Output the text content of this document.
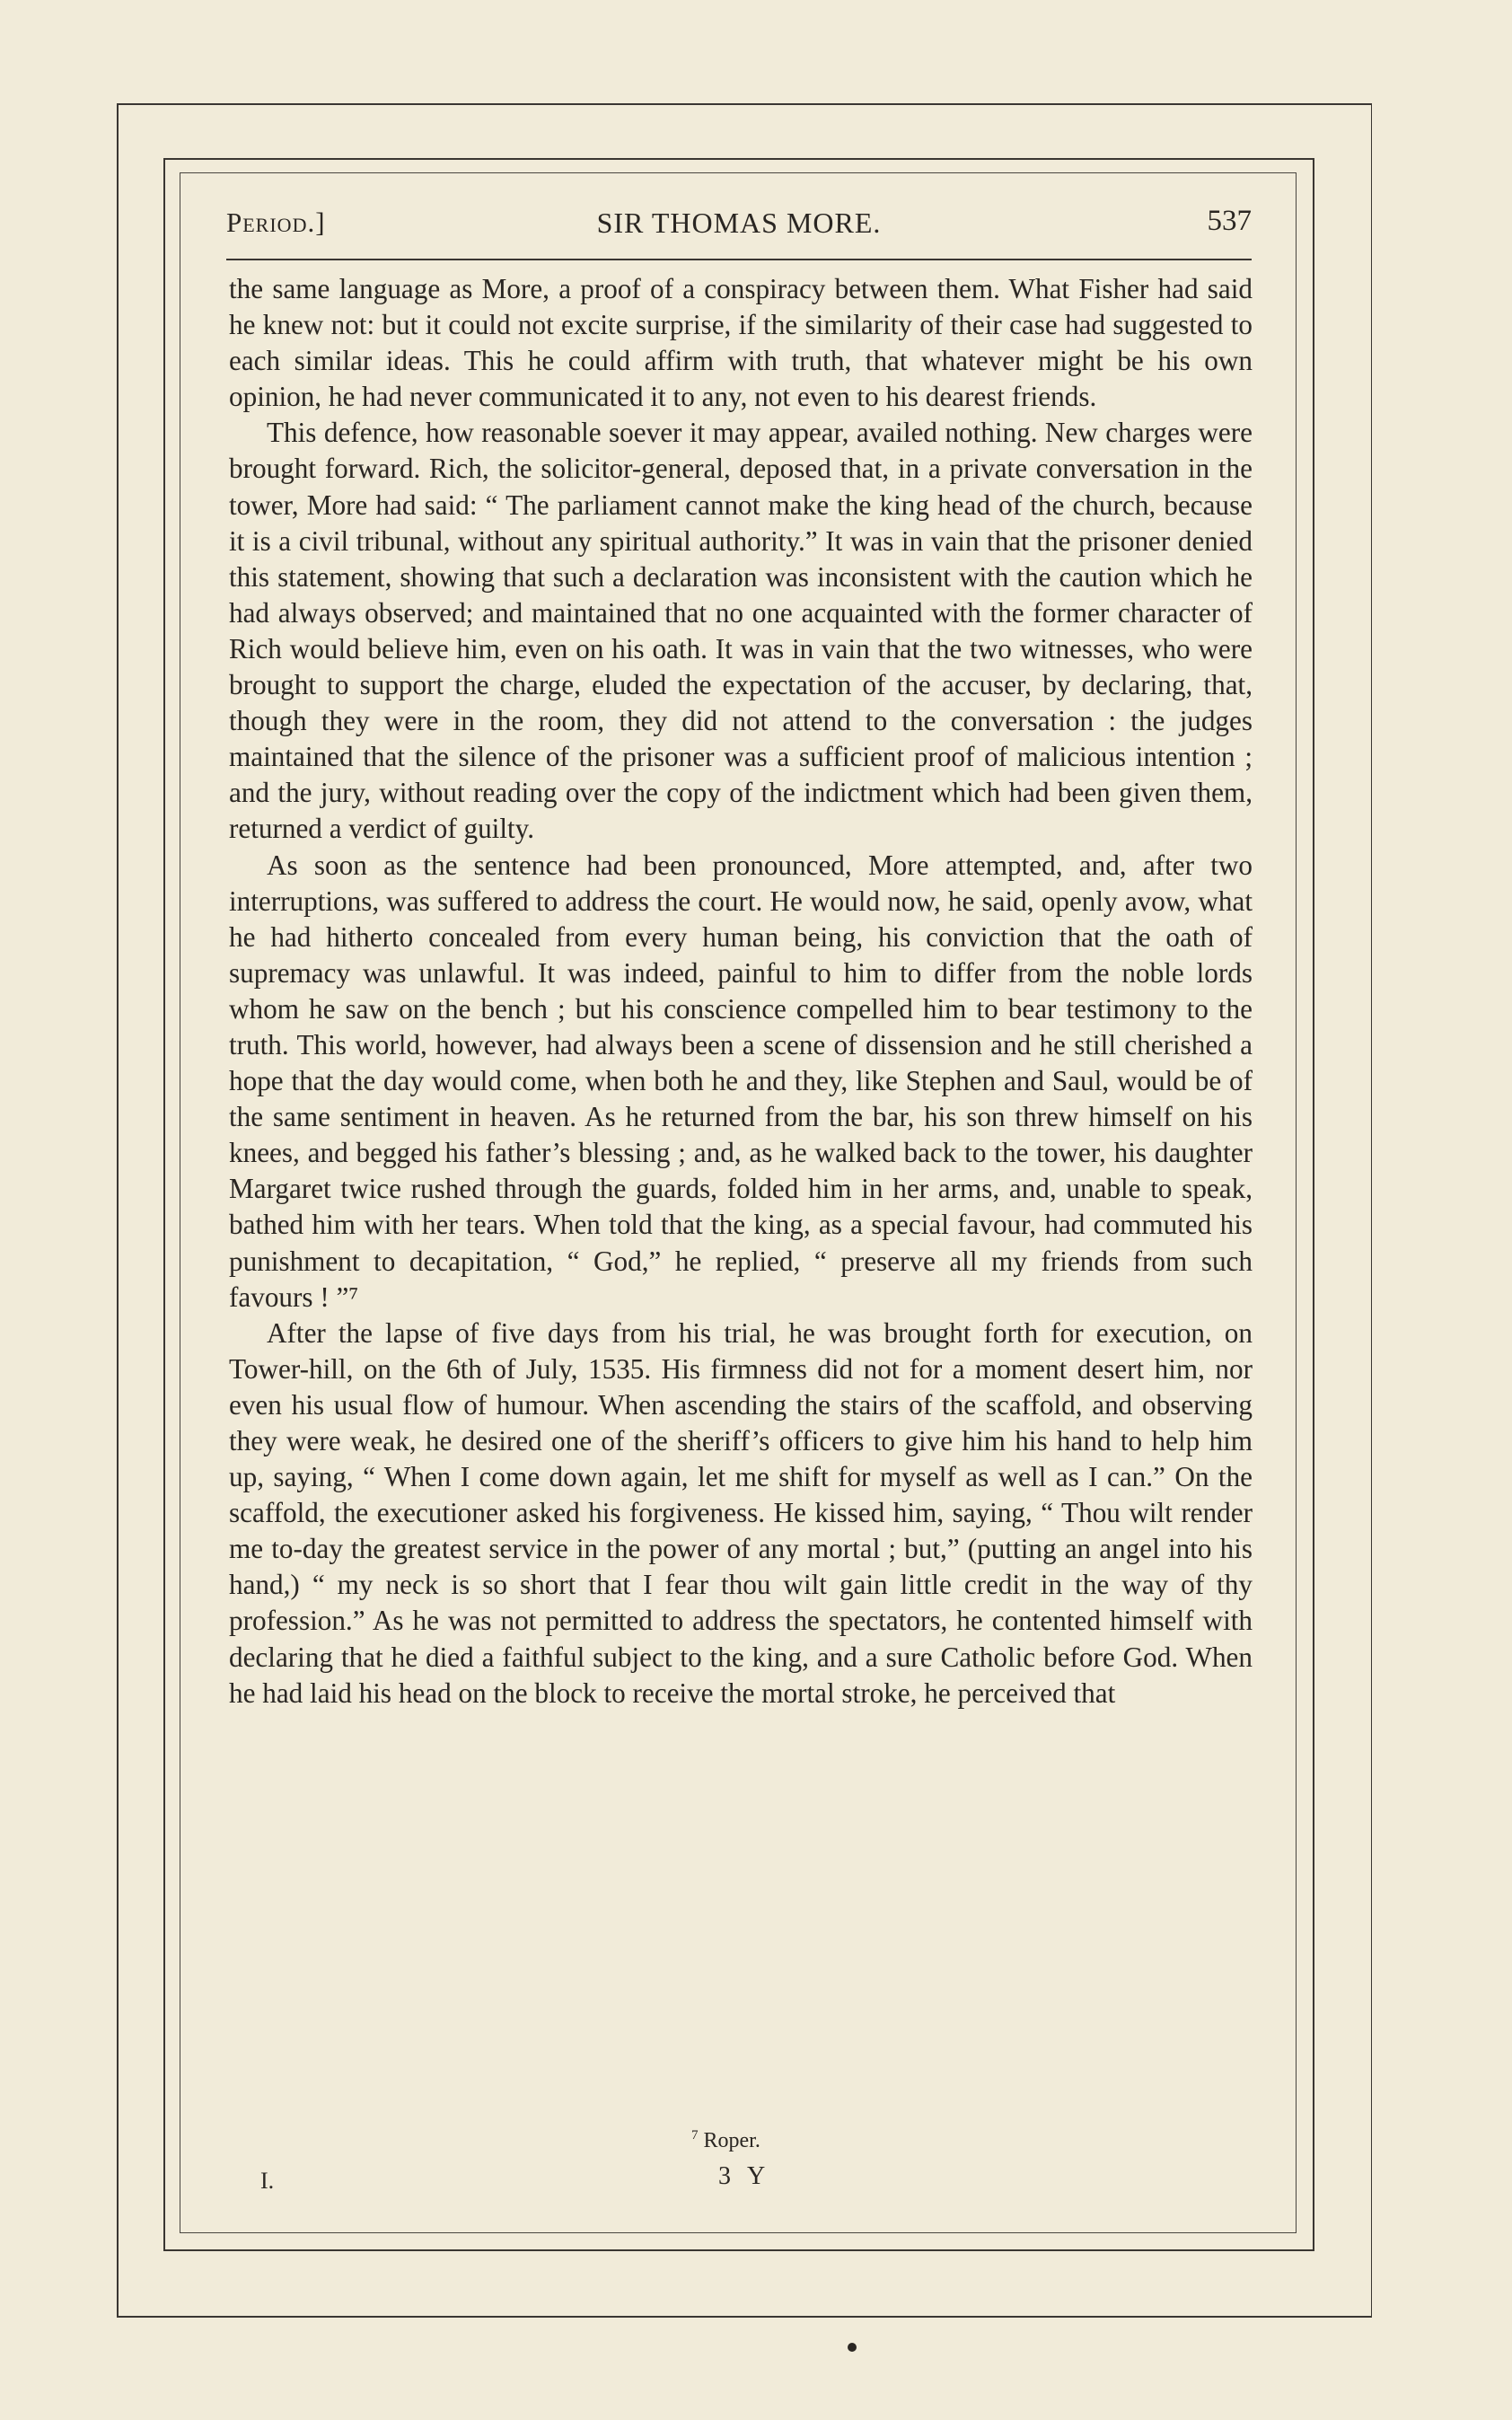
Period.]	SIR THOMAS MORE.	537

the same language as More, a proof of a conspiracy between them. What Fisher had said he knew not: but it could not excite surprise, if the similarity of their case had suggested to each similar ideas. This he could affirm with truth, that whatever might be his own opinion, he had never communicated it to any, not even to his dearest friends.

This defence, how reasonable soever it may appear, availed nothing. New charges were brought forward. Rich, the solicitor-general, deposed that, in a private conversation in the tower, More had said: “ The parliament cannot make the king head of the church, because it is a civil tribunal, without any spiritual authority.” It was in vain that the prisoner denied this statement, showing that such a declaration was inconsistent with the caution which he had always observed; and maintained that no one acquainted with the former character of Rich would believe him, even on his oath. It was in vain that the two witnesses, who were brought to support the charge, eluded the expectation of the accuser, by declaring, that, though they were in the room, they did not attend to the conversation : the judges maintained that the silence of the prisoner was a sufficient proof of malicious intention ; and the jury, without reading over the copy of the indictment which had been given them, returned a verdict of guilty.

As soon as the sentence had been pronounced, More attempted, and, after two interruptions, was suffered to address the court. He would now, he said, openly avow, what he had hitherto concealed from every human being, his conviction that the oath of supremacy was unlawful. It was indeed, painful to him to differ from the noble lords whom he saw on the bench ; but his conscience compelled him to bear testimony to the truth. This world, however, had always been a scene of dissension and he still cherished a hope that the day would come, when both he and they, like Stephen and Saul, would be of the same sentiment in heaven. As he returned from the bar, his son threw himself on his knees, and begged his father’s blessing ; and, as he walked back to the tower, his daughter Margaret twice rushed through the guards, folded him in her arms, and, unable to speak, bathed him with her tears. When told that the king, as a special favour, had commuted his punishment to decapitation, “ God,” he replied, “ preserve all my friends from such favours ! ”⁷

After the lapse of five days from his trial, he was brought forth for execution, on Tower-hill, on the 6th of July, 1535. His firmness did not for a moment desert him, nor even his usual flow of humour. When ascending the stairs of the scaffold, and observing they were weak, he desired one of the sheriff’s officers to give him his hand to help him up, saying, “ When I come down again, let me shift for myself as well as I can.” On the scaffold, the executioner asked his forgiveness. He kissed him, saying, “ Thou wilt render me to-day the greatest service in the power of any mortal ; but,” (putting an angel into his hand,) “ my neck is so short that I fear thou wilt gain little credit in the way of thy profession.” As he was not permitted to address the spectators, he contented himself with declaring that he died a faithful subject to the king, and a sure Catholic before God. When he had laid his head on the block to receive the mortal stroke, he perceived that

$^7$ Roper.
I.	3 Y
